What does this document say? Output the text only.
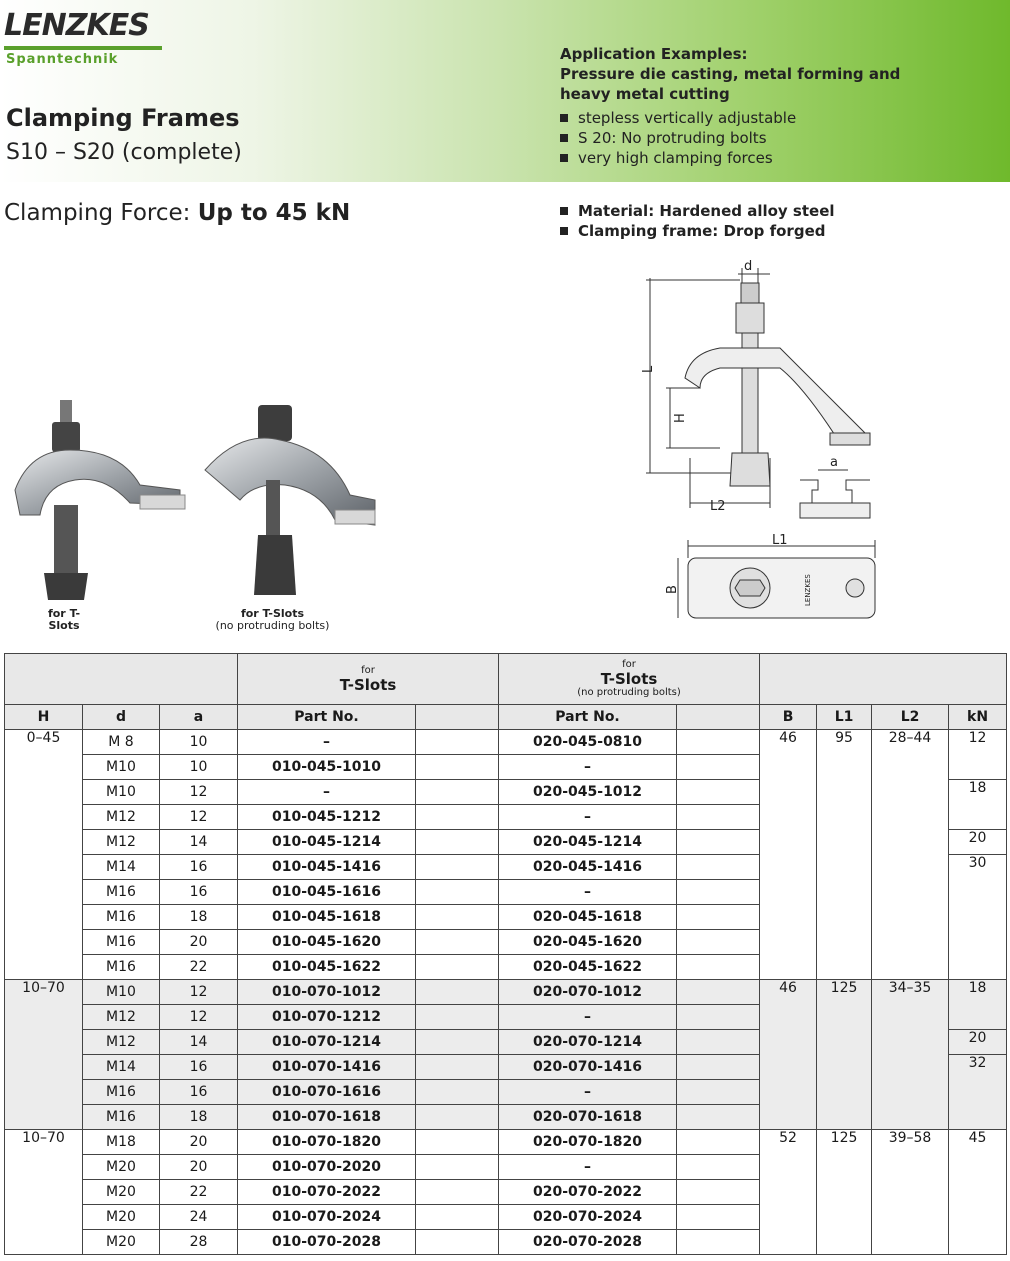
LENZKES
Spanntechnik
Clamping Frames
S10 – S20 (complete)
Application Examples:
Pressure die casting, metal forming and
heavy metal cutting
stepless vertically adjustable
S 20: No protruding bolts
very high clamping forces
Clamping Force: Up to 45 kN	Material: Hardened alloy steel
Clamping frame: Drop forged
for T-Slots
for T-Slots
(no protruding bolts)
d
L
H
L2
a
L1
B	LENZKES

			for
T-Slots		for
T-Slots
(no protruding bolts)					

H	d	a	Part No.		Part No.		B	L1	L2	kN
0–45	M 8	10	–		020-045-0810		46	95	28–44	12
	M10	10	010-045-1010		–					
	M10	12	–		020-045-1012					18
	M12	12	010-045-1212		–					
	M12	14	010-045-1214		020-045-1214					20
	M14	16	010-045-1416		020-045-1416					30
	M16	16	010-045-1616		–					
	M16	18	010-045-1618		020-045-1618					
	M16	20	010-045-1620		020-045-1620					
	M16	22	010-045-1622		020-045-1622					
10–70	M10	12	010-070-1012		020-070-1012		46	125	34–35	18
	M12	12	010-070-1212		–					
	M12	14	010-070-1214		020-070-1214					20
	M14	16	010-070-1416		020-070-1416					32
	M16	16	010-070-1616		–					
	M16	18	010-070-1618		020-070-1618					
10–70	M18	20	010-070-1820		020-070-1820		52	125	39–58	45
	M20	20	010-070-2020		–					
	M20	22	010-070-2022		020-070-2022					
	M20	24	010-070-2024		020-070-2024					
	M20	28	010-070-2028		020-070-2028					
